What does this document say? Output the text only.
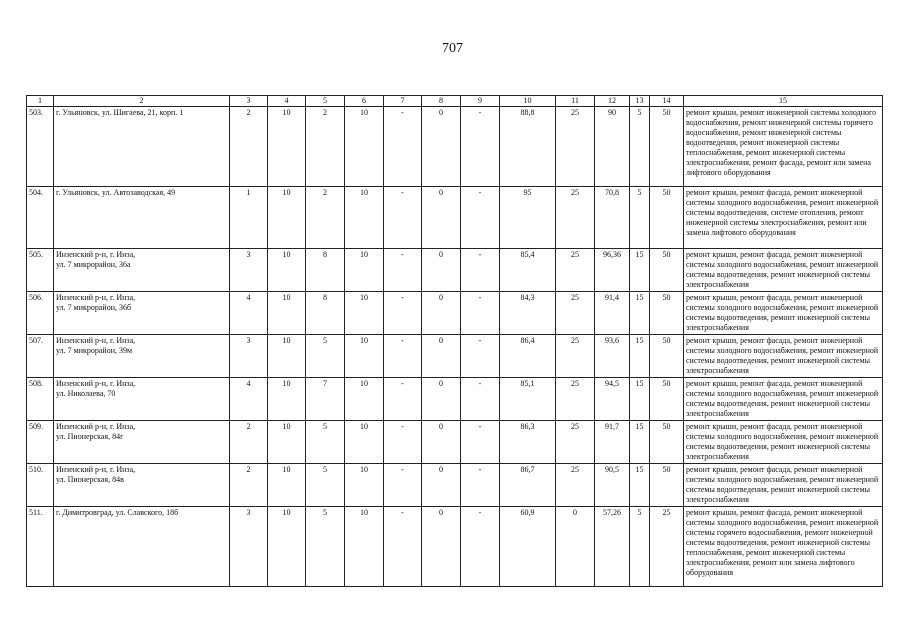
707
1	2	3	4	5	6	7	8	9	10	11	12	13	14	15
503.	г. Ульяновск, ул. Шигаева, 21, корп. 1	2	10	2	10	-	0	-	88,8	25	90	5	50	ремонт крыши, ремонт инженерной системы холодного водоснабжения, ремонт инженерной системы горячего водоснабжения, ремонт инженерной системы водоотведения, ремонт инженерной системы теплоснабжения, ремонт инженерной системы электроснабжения, ремонт фасада, ремонт или замена лифтового оборудования
504.	г. Ульяновск, ул. Автозаводская, 49	1	10	2	10	-	0	-	95	25	70,8	5	50	ремонт крыши, ремонт фасада, ремонт инженерной системы холодного водоснабжения, ремонт инженерной системы водоотведения, системе отопления, ремонт инженерной системы электроснабжения, ремонт или замена лифтового оборудования
505.	Инзенский р-н, г. Инза,
ул. 7 микрорайон, 36а	3	10	8	10	-	0	-	85,4	25	96,36	15	50	ремонт крыши, ремонт фасада, ремонт инженерной системы холодного водоснабжения, ремонт инженерной системы водоотведения, ремонт инженерной системы электроснабжения
506.	Инзенский р-н, г. Инза,
ул. 7 микрорайон, 36б	4	10	8	10	-	0	-	84,3	25	91,4	15	50	ремонт крыши, ремонт фасада, ремонт инженерной системы холодного водоснабжения, ремонт инженерной системы водоотведения, ремонт инженерной системы электроснабжения
507.	Инзенский р-н, г. Инза,
ул. 7 микрорайон, 39м	3	10	5	10	-	0	-	86,4	25	93,6	15	50	ремонт крыши, ремонт фасада, ремонт инженерной системы холодного водоснабжения, ремонт инженерной системы водоотведения, ремонт инженерной системы электроснабжения
508.	Инзенский р-н, г. Инза,
ул. Николаева, 70	4	10	7	10	-	0	-	85,1	25	94,5	15	50	ремонт крыши, ремонт фасада, ремонт инженерной системы холодного водоснабжения, ремонт инженерной системы водоотведения, ремонт инженерной системы электроснабжения
509.	Инзенский р-н, г. Инза,
ул. Пионерская, 84г	2	10	5	10	-	0	-	86,3	25	91,7	15	50	ремонт крыши, ремонт фасада, ремонт инженерной системы холодного водоснабжения, ремонт инженерной системы водоотведения, ремонт инженерной системы электроснабжения
510.	Инзенский р-н, г. Инза,
ул. Пионерская, 84в	2	10	5	10	-	0	-	86,7	25	90,5	15	50	ремонт крыши, ремонт фасада, ремонт инженерной системы холодного водоснабжения, ремонт инженерной системы водоотведения, ремонт инженерной системы электроснабжения
511.	г. Димитровград, ул. Славского, 18б	3	10	5	10	-	0	-	60,9	0	57,26	5	25	ремонт крыши, ремонт фасада, ремонт инженерной системы холодного водоснабжения, ремонт инженерной системы горячего водоснабжения, ремонт инженерной системы водоотведения, ремонт инженерной системы теплоснабжения, ремонт инженерной системы электроснабжения, ремонт или замена лифтового оборудования
